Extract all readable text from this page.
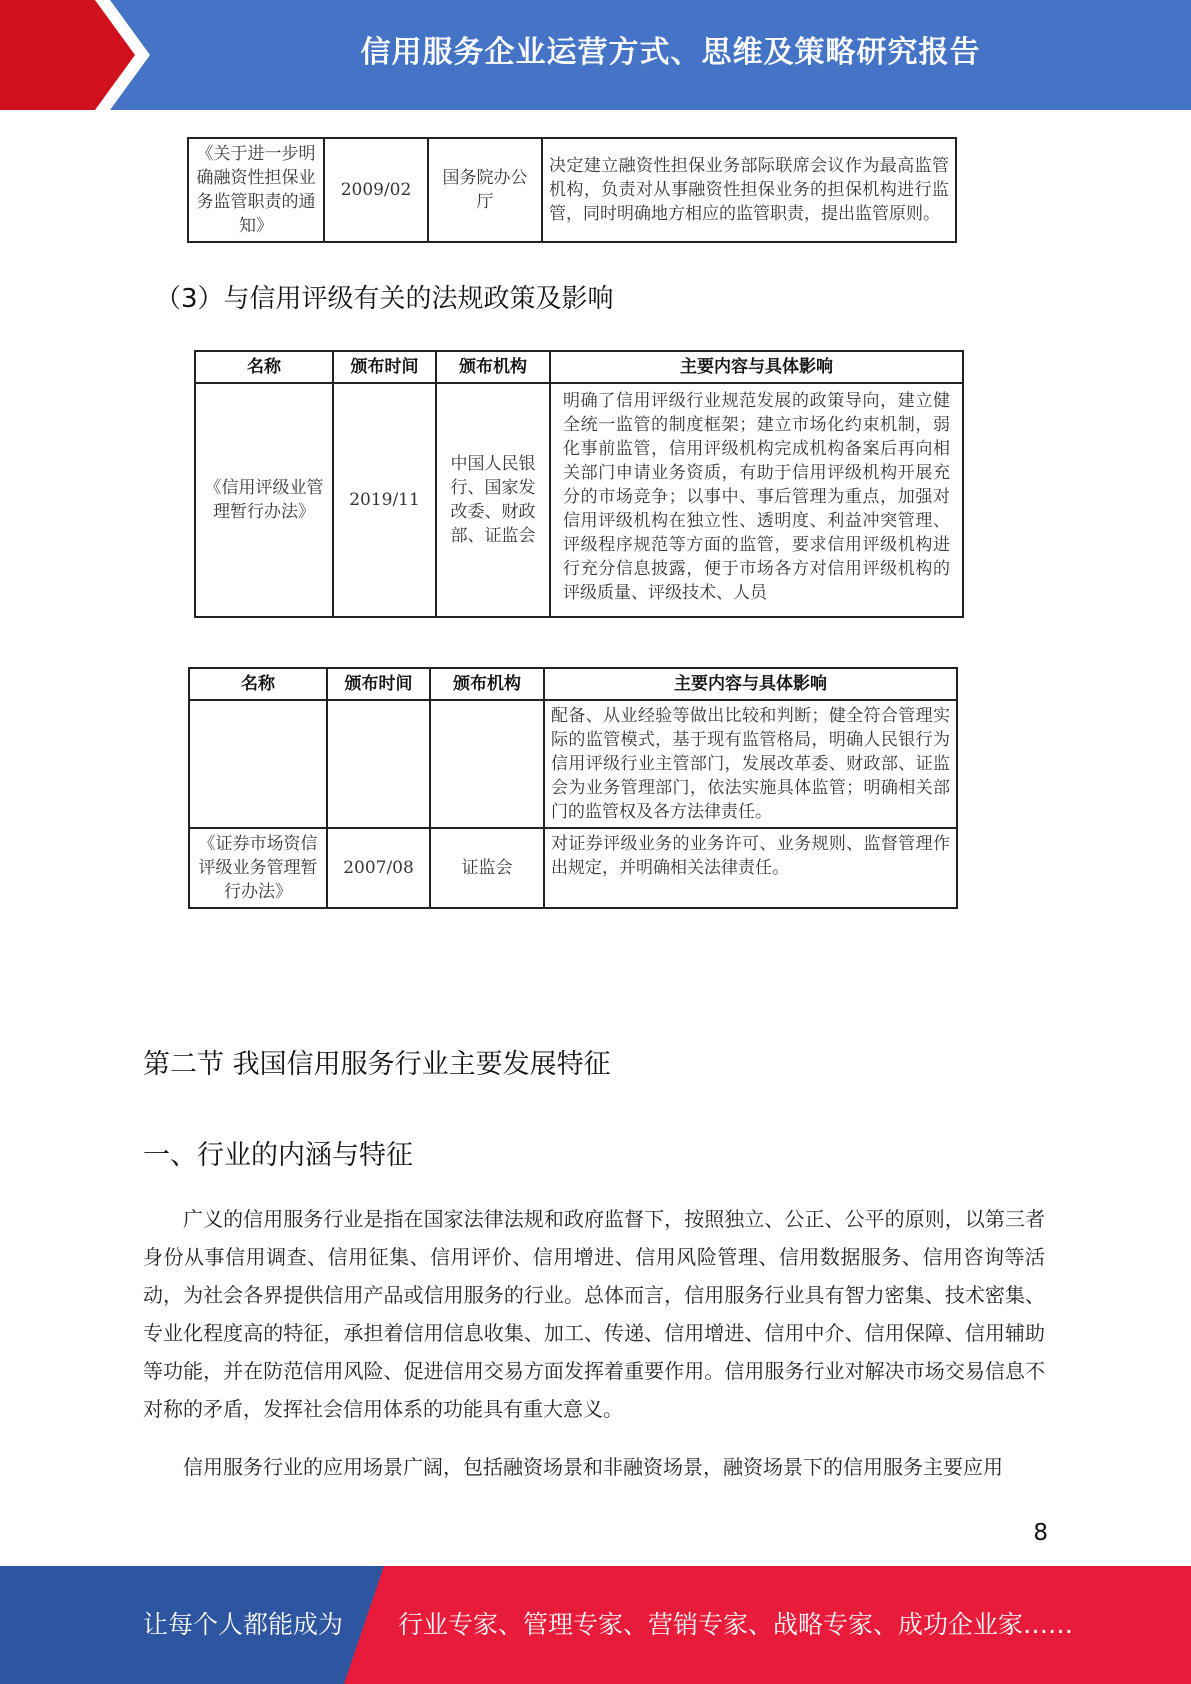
信用服务企业运营方式、思维及策略研究报告
《关于进一步明确融资性担保业务监管职责的通知》	2009/02	国务院办公厅	决定建立融资性担保业务部际联席会议作为最高监管机构，负责对从事融资性担保业务的担保机构进行监管，同时明确地方相应的监管职责，提出监管原则。
（3）与信用评级有关的法规政策及影响
名称	颁布时间	颁布机构	主要内容与具体影响
《信用评级业管理暂行办法》	2019/11	中国人民银行、国家发改委、财政部、证监会	明确了信用评级行业规范发展的政策导向，建立健全统一监管的制度框架；建立市场化约束机制，弱化事前监管，信用评级机构完成机构备案后再向相关部门申请业务资质，有助于信用评级机构开展充分的市场竞争；以事中、事后管理为重点，加强对信用评级机构在独立性、透明度、利益冲突管理、评级程序规范等方面的监管，要求信用评级机构进行充分信息披露，便于市场各方对信用评级机构的评级质量、评级技术、人员
名称	颁布时间	颁布机构	主要内容与具体影响
			配备、从业经验等做出比较和判断；健全符合管理实际的监管模式，基于现有监管格局，明确人民银行为信用评级行业主管部门，发展改革委、财政部、证监会为业务管理部门，依法实施具体监管；明确相关部门的监管权及各方法律责任。
《证券市场资信评级业务管理暂行办法》	2007/08	证监会	对证券评级业务的业务许可、业务规则、监督管理作出规定，并明确相关法律责任。
第二节 我国信用服务行业主要发展特征
一、行业的内涵与特征

广义的信用服务行业是指在国家法律法规和政府监督下，按照独立、公正、公平的原则，以第三者身份从事信用调查、信用征集、信用评价、信用增进、信用风险管理、信用数据服务、信用咨询等活动，为社会各界提供信用产品或信用服务的行业。总体而言，信用服务行业具有智力密集、技术密集、专业化程度高的特征，承担着信用信息收集、加工、传递、信用增进、信用中介、信用保障、信用辅助等功能，并在防范信用风险、促进信用交易方面发挥着重要作用。信用服务行业对解决市场交易信息不对称的矛盾，发挥社会信用体系的功能具有重大意义。

信用服务行业的应用场景广阔，包括融资场景和非融资场景，融资场景下的信用服务主要应用

8
让每个人都能成为 行业专家、管理专家、营销专家、战略专家、成功企业家……
